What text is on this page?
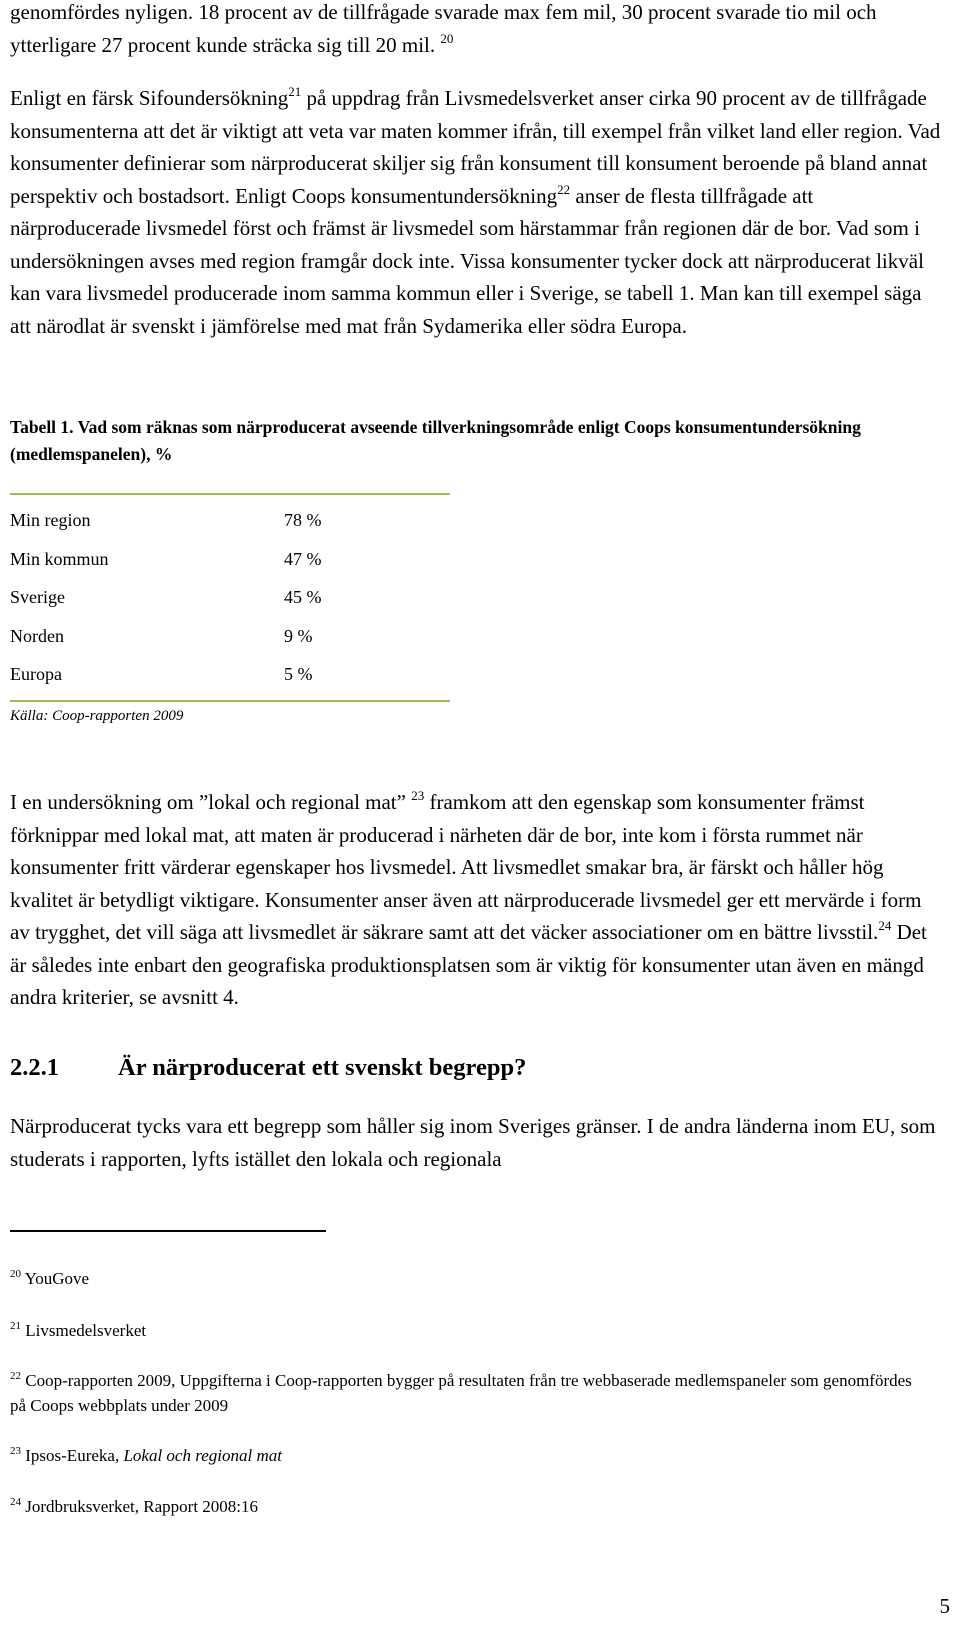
genomfördes nyligen. 18 procent av de tillfrågade svarade max fem mil, 30 procent svarade tio mil och ytterligare 27 procent kunde sträcka sig till 20 mil. $^{20}$

Enligt en färsk Sifoundersökning$^{21}$ på uppdrag från Livsmedelsverket anser cirka 90 procent av de tillfrågade konsumenterna att det är viktigt att veta var maten kommer ifrån, till exempel från vilket land eller region. Vad konsumenter definierar som närproducerat skiljer sig från konsument till konsument beroende på bland annat perspektiv och bostadsort. Enligt Coops konsumentundersökning$^{22}$ anser de flesta tillfrågade att närproducerade livsmedel först och främst är livsmedel som härstammar från regionen där de bor. Vad som i undersökningen avses med region framgår dock inte. Vissa konsumenter tycker dock att närproducerat likväl kan vara livsmedel producerade inom samma kommun eller i Sverige, se tabell 1. Man kan till exempel säga att närodlat är svenskt i jämförelse med mat från Sydamerika eller södra Europa.

Tabell 1. Vad som räknas som närproducerat avseende tillverkningsområde enligt Coops konsumentundersökning (medlemspanelen), %

Min region	78 %
Min kommun	47 %
Sverige	45 %
Norden	9 %
Europa	5 %
Källa: Coop-rapporten 2009

I en undersökning om ”lokal och regional mat” $^{23}$ framkom att den egenskap som konsumenter främst förknippar med lokal mat, att maten är producerad i närheten där de bor, inte kom i första rummet när konsumenter fritt värderar egenskaper hos livsmedel. Att livsmedlet smakar bra, är färskt och håller hög kvalitet är betydligt viktigare. Konsumenter anser även att närproducerade livsmedel ger ett mervärde i form av trygghet, det vill säga att livsmedlet är säkrare samt att det väcker associationer om en bättre livsstil.$^{24}$ Det är således inte enbart den geografiska produktionsplatsen som är viktig för konsumenter utan även en mängd andra kriterier, se avsnitt 4.

2.2.1 Är närproducerat ett svenskt begrepp?

Närproducerat tycks vara ett begrepp som håller sig inom Sveriges gränser. I de andra länderna inom EU, som studerats i rapporten, lyfts istället den lokala och regionala

$^{20}$ YouGove

$^{21}$ Livsmedelsverket

$^{22}$ Coop-rapporten 2009, Uppgifterna i Coop-rapporten bygger på resultaten från tre webbaserade medlemspaneler som genomfördes på Coops webbplats under 2009

$^{23}$ Ipsos-Eureka, Lokal och regional mat

$^{24}$ Jordbruksverket, Rapport 2008:16

5
